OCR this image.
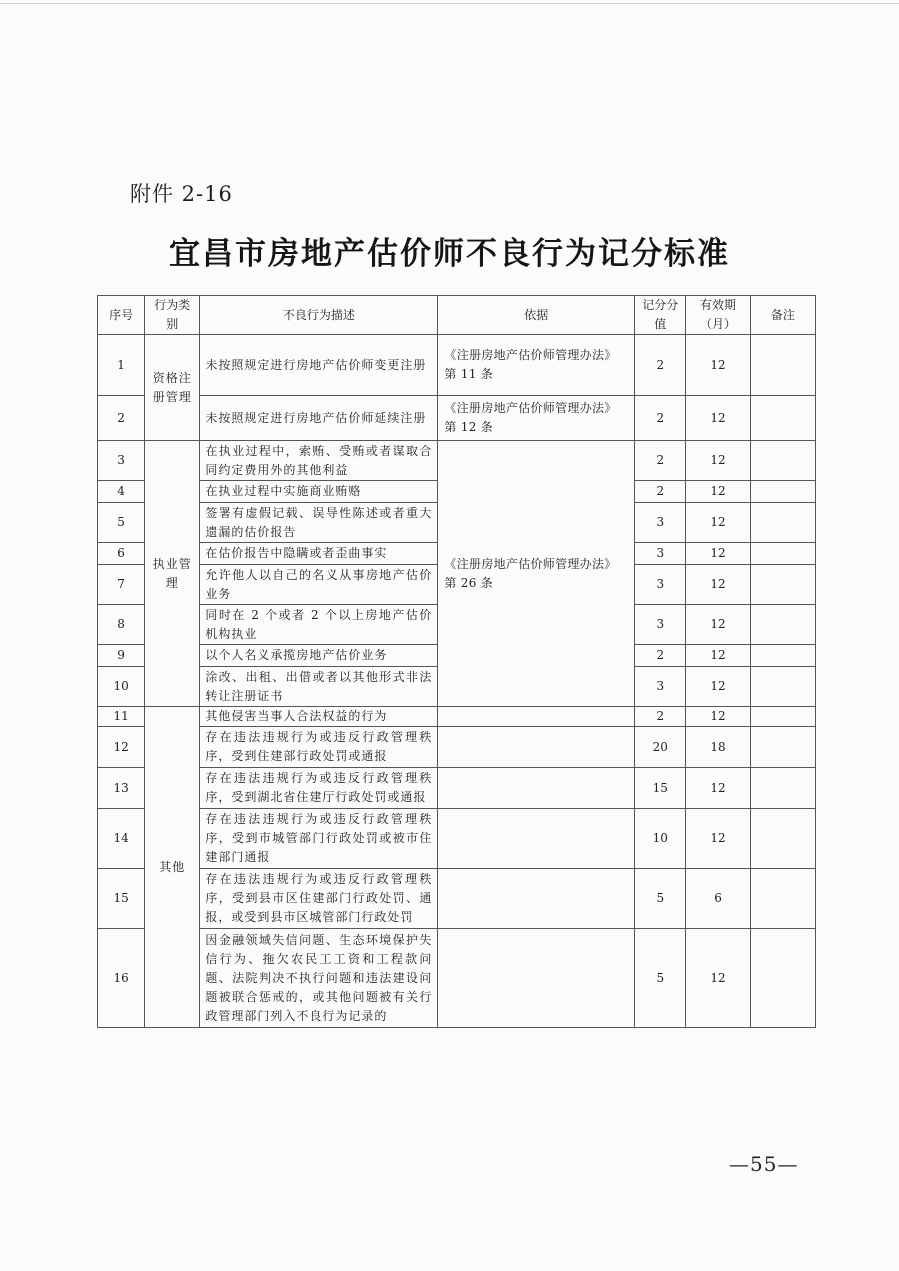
附件 2-16
宜昌市房地产估价师不良行为记分标准
序号	行为类别	不良行为描述	依据	记分分值	有效期（月）	备注
1	资格注册管理	未按照规定进行房地产估价师变更注册	《注册房地产估价师管理办法》第 11 条	2	12	
2		未按照规定进行房地产估价师延续注册	《注册房地产估价师管理办法》第 12 条	2	12	
3	执业管理	在执业过程中，索贿、受贿或者谋取合同约定费用外的其他利益	《注册房地产估价师管理办法》第 26 条	2	12	
4		在执业过程中实施商业贿赂		2	12	
5		签署有虚假记载、误导性陈述或者重大遗漏的估价报告		3	12	
6		在估价报告中隐瞒或者歪曲事实		3	12	
7		允许他人以自己的名义从事房地产估价业务		3	12	
8		同时在 2 个或者 2 个以上房地产估价机构执业		3	12	
9		以个人名义承揽房地产估价业务		2	12	
10		涂改、出租、出借或者以其他形式非法转让注册证书		3	12	
11	其他	其他侵害当事人合法权益的行为		2	12	
12		存在违法违规行为或违反行政管理秩序，受到住建部行政处罚或通报		20	18	
13		存在违法违规行为或违反行政管理秩序，受到湖北省住建厅行政处罚或通报		15	12	
14		存在违法违规行为或违反行政管理秩序，受到市城管部门行政处罚或被市住建部门通报		10	12	
15		存在违法违规行为或违反行政管理秩序，受到县市区住建部门行政处罚、通报，或受到县市区城管部门行政处罚		5	6	
16		因金融领域失信问题、生态环境保护失信行为、拖欠农民工工资和工程款问题、法院判决不执行问题和违法建设问题被联合惩戒的，或其他问题被有关行政管理部门列入不良行为记录的		5	12	
—55—
